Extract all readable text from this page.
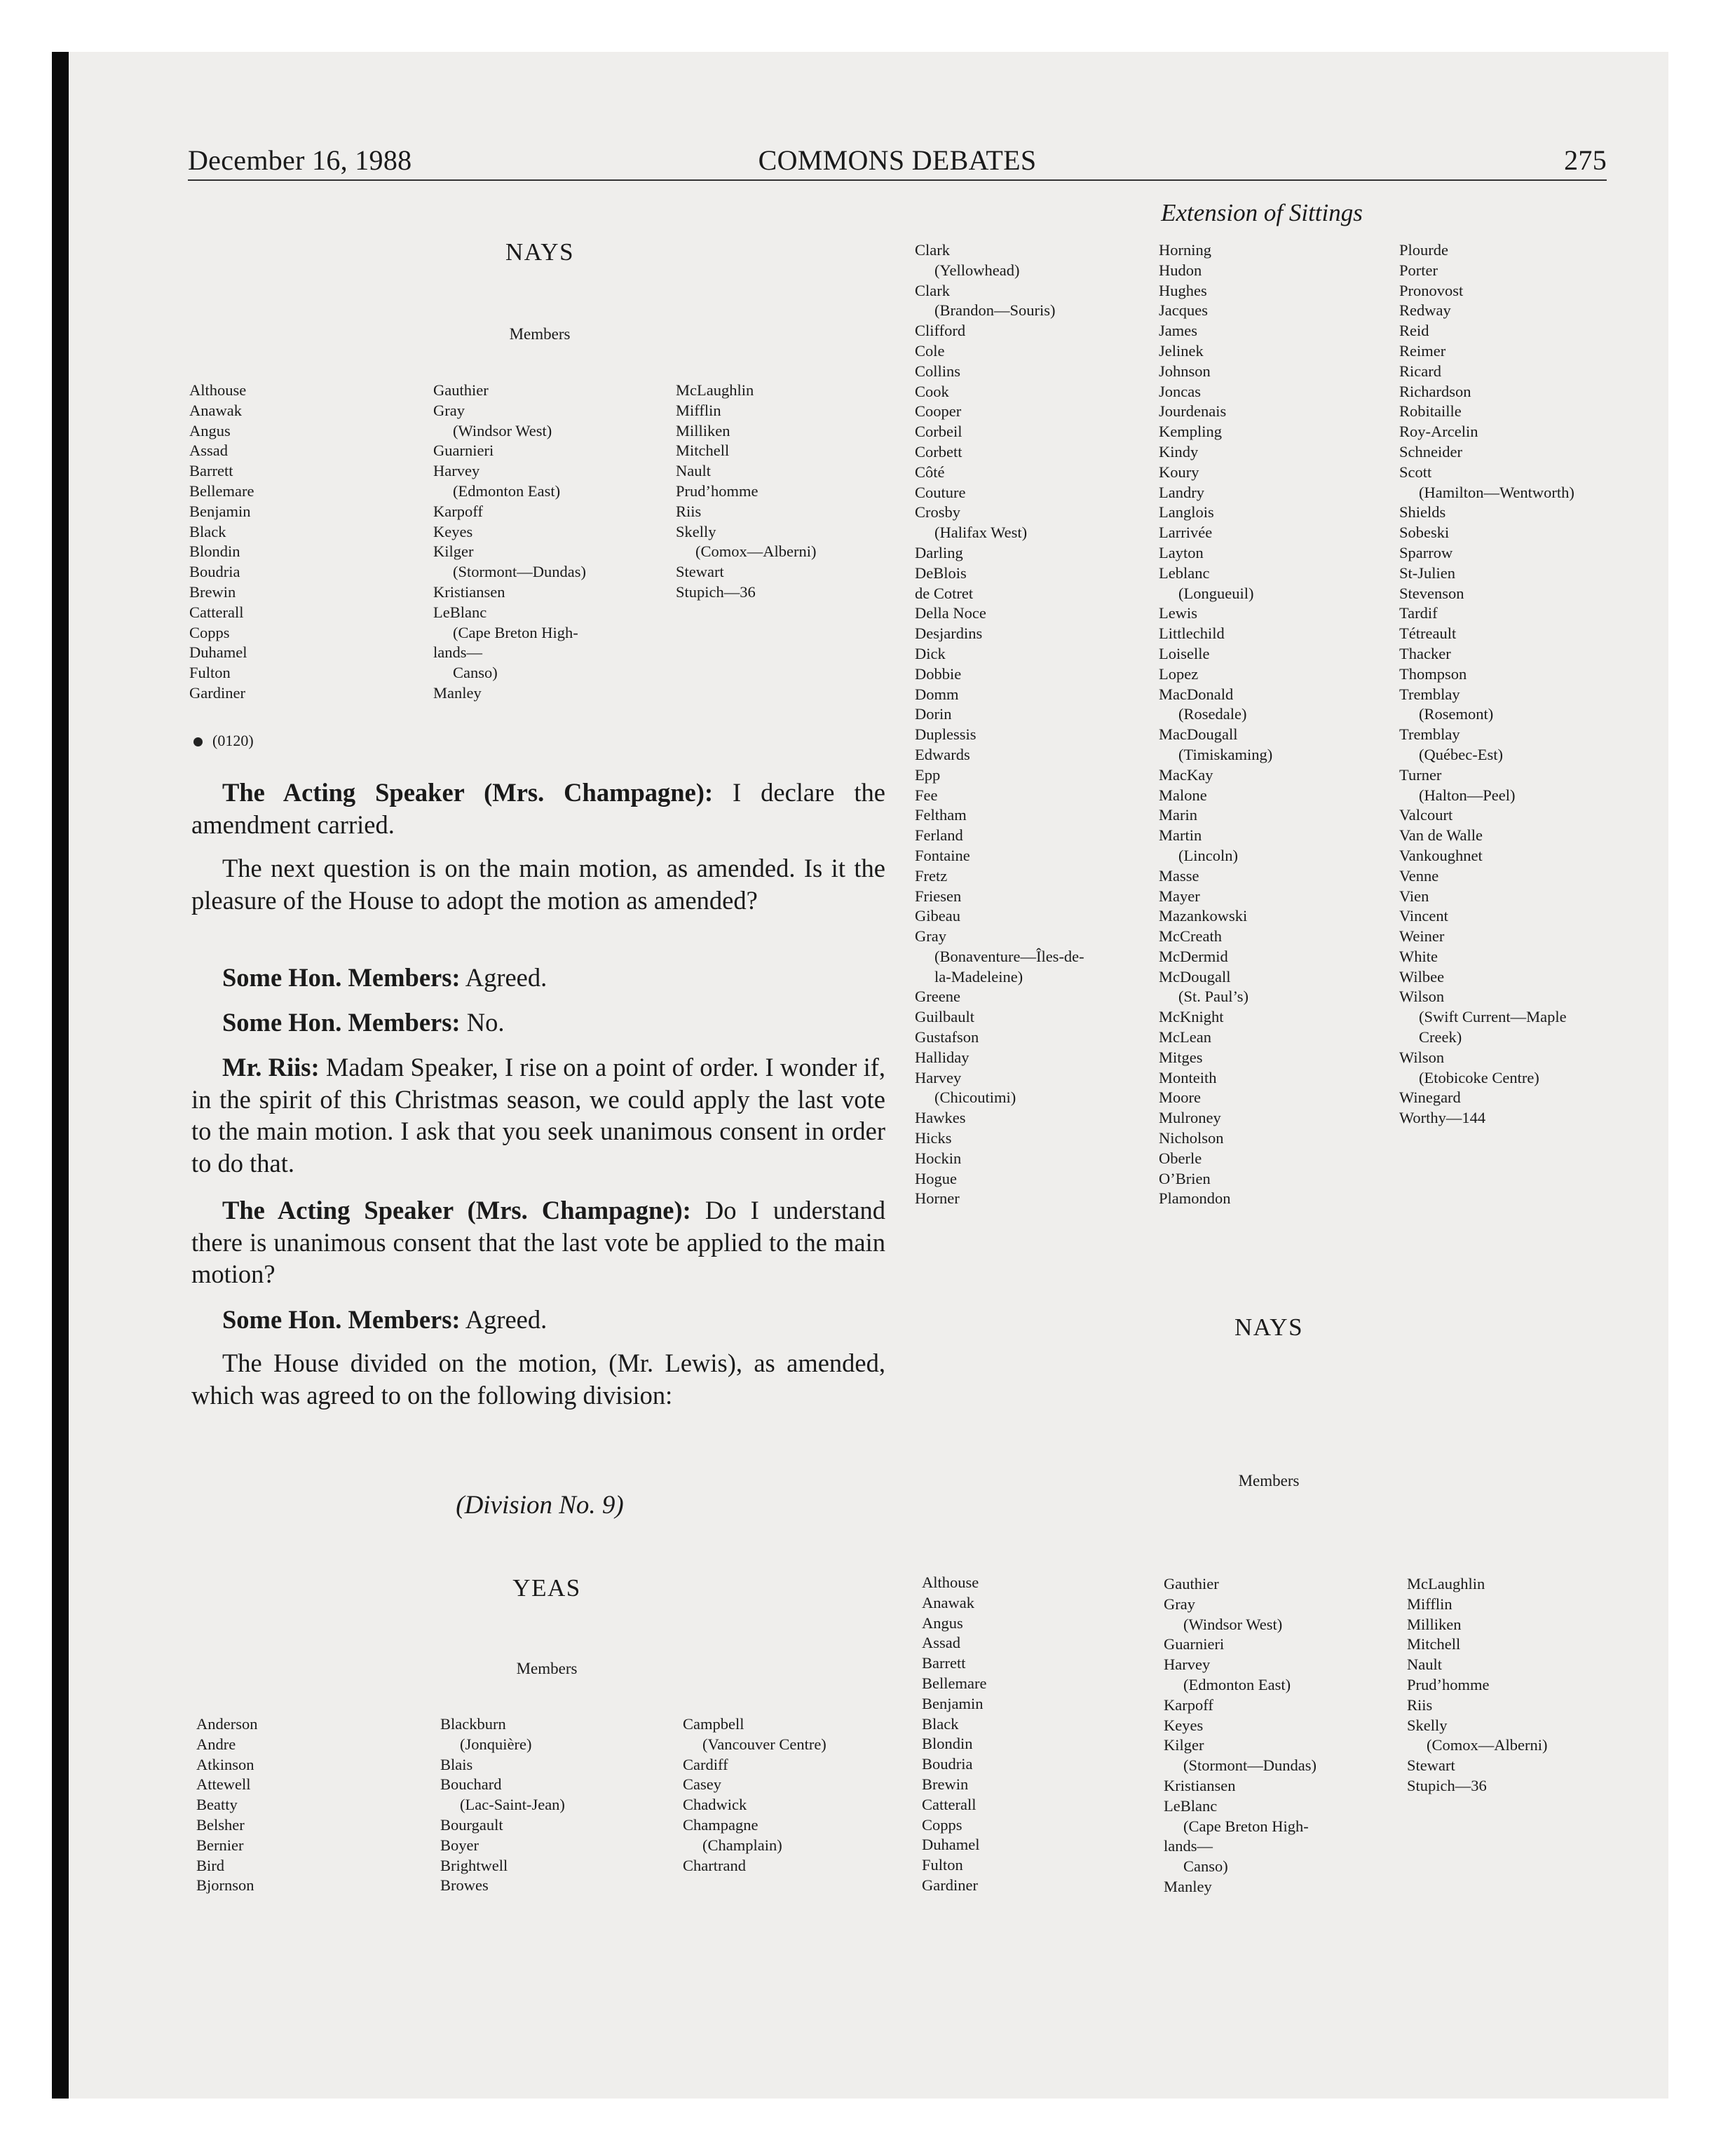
December 16, 1988	COMMONS DEBATES	275
Extension of Sittings
NAYS
Members
Althouse
Anawak
Angus
Assad
Barrett
Bellemare
Benjamin
Black
Blondin
Boudria
Brewin
Catterall
Copps
Duhamel
Fulton
Gardiner
Gauthier
Gray
(Windsor West)
Guarnieri
Harvey
(Edmonton East)
Karpoff
Keyes
Kilger
(Stormont—Dundas)
Kristiansen
LeBlanc
(Cape Breton High-
lands—
Canso)
Manley
McLaughlin
Mifflin
Milliken
Mitchell
Nault
Prud’homme
Riis
Skelly
(Comox—Alberni)
Stewart
Stupich—36
(0120)
The Acting Speaker (Mrs. Champagne): I declare the amendment carried.
The next question is on the main motion, as amended. Is it the pleasure of the House to adopt the motion as amended?
Some Hon. Members: Agreed.
Some Hon. Members: No.
Mr. Riis: Madam Speaker, I rise on a point of order. I wonder if, in the spirit of this Christmas season, we could apply the last vote to the main motion. I ask that you seek unanimous consent in order to do that.
The Acting Speaker (Mrs. Champagne): Do I understand there is unanimous consent that the last vote be applied to the main motion?
Some Hon. Members: Agreed.
The House divided on the motion, (Mr. Lewis), as amended, which was agreed to on the following division:
(Division No. 9)
YEAS
Members
Anderson
Andre
Atkinson
Attewell
Beatty
Belsher
Bernier
Bird
Bjornson
Blackburn
(Jonquière)
Blais
Bouchard
(Lac-Saint-Jean)
Bourgault
Boyer
Brightwell
Browes
Campbell
(Vancouver Centre)
Cardiff
Casey
Chadwick
Champagne
(Champlain)
Chartrand
Clark
(Yellowhead)
Clark
(Brandon—Souris)
Clifford
Cole
Collins
Cook
Cooper
Corbeil
Corbett
Côté
Couture
Crosby
(Halifax West)
Darling
DeBlois
de Cotret
Della Noce
Desjardins
Dick
Dobbie
Domm
Dorin
Duplessis
Edwards
Epp
Fee
Feltham
Ferland
Fontaine
Fretz
Friesen
Gibeau
Gray
(Bonaventure—Îles-de-
la-Madeleine)
Greene
Guilbault
Gustafson
Halliday
Harvey
(Chicoutimi)
Hawkes
Hicks
Hockin
Hogue
Horner
Horning
Hudon
Hughes
Jacques
James
Jelinek
Johnson
Joncas
Jourdenais
Kempling
Kindy
Koury
Landry
Langlois
Larrivée
Layton
Leblanc
(Longueuil)
Lewis
Littlechild
Loiselle
Lopez
MacDonald
(Rosedale)
MacDougall
(Timiskaming)
MacKay
Malone
Marin
Martin
(Lincoln)
Masse
Mayer
Mazankowski
McCreath
McDermid
McDougall
(St. Paul’s)
McKnight
McLean
Mitges
Monteith
Moore
Mulroney
Nicholson
Oberle
O’Brien
Plamondon
Plourde
Porter
Pronovost
Redway
Reid
Reimer
Ricard
Richardson
Robitaille
Roy-Arcelin
Schneider
Scott
(Hamilton—Wentworth)
Shields
Sobeski
Sparrow
St-Julien
Stevenson
Tardif
Tétreault
Thacker
Thompson
Tremblay
(Rosemont)
Tremblay
(Québec-Est)
Turner
(Halton—Peel)
Valcourt
Van de Walle
Vankoughnet
Venne
Vien
Vincent
Weiner
White
Wilbee
Wilson
(Swift Current—Maple
Creek)
Wilson
(Etobicoke Centre)
Winegard
Worthy—144
NAYS
Members
Althouse
Anawak
Angus
Assad
Barrett
Bellemare
Benjamin
Black
Blondin
Boudria
Brewin
Catterall
Copps
Duhamel
Fulton
Gardiner
Gauthier
Gray
(Windsor West)
Guarnieri
Harvey
(Edmonton East)
Karpoff
Keyes
Kilger
(Stormont—Dundas)
Kristiansen
LeBlanc
(Cape Breton High-
lands—
Canso)
Manley
McLaughlin
Mifflin
Milliken
Mitchell
Nault
Prud’homme
Riis
Skelly
(Comox—Alberni)
Stewart
Stupich—36
